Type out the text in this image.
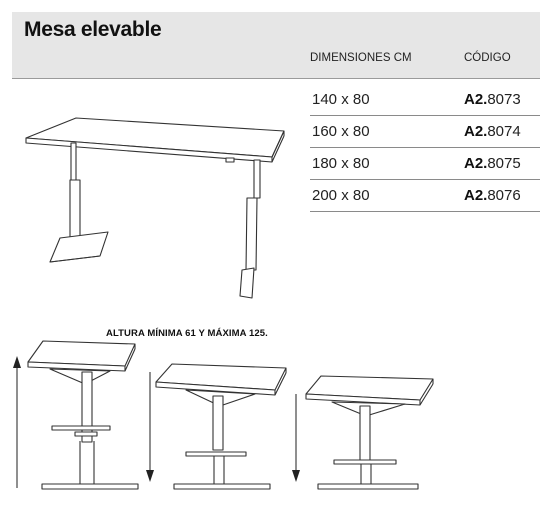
Mesa elevable
DIMENSIONES CM	CÓDIGO
140 x 80	A2.8073
160 x 80	A2.8074
180 x 80	A2.8075
200 x 80	A2.8076
ALTURA MÍNIMA 61 Y MÁXIMA 125.
